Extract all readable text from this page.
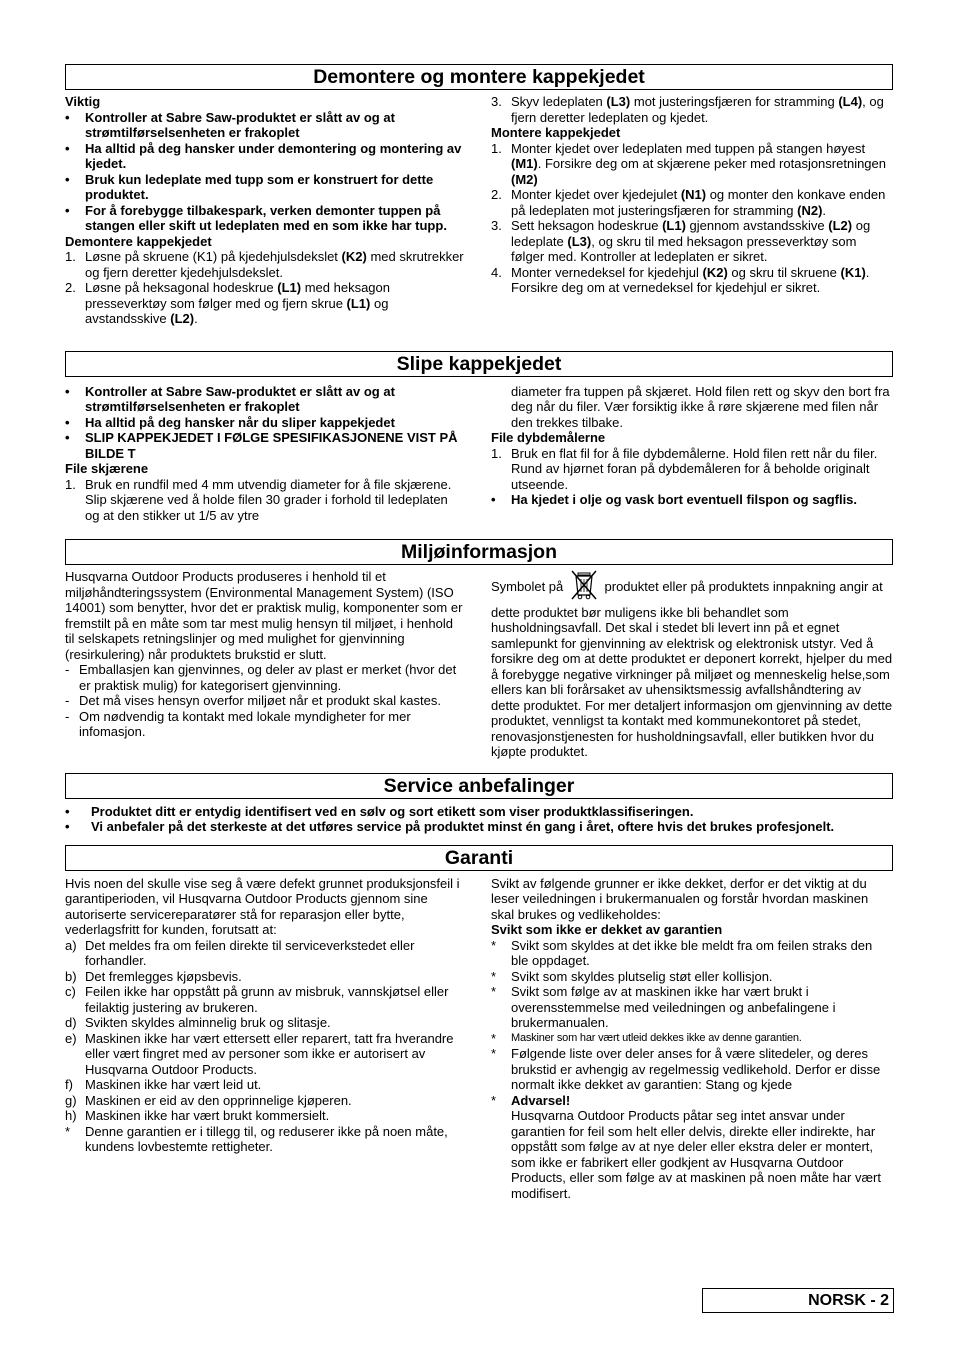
Demontere og montere kappekjedet
Viktig
•	Kontroller at Sabre Saw-produktet er slått av og at strømtilførselsenheten er frakoplet
•	Ha alltid på deg hansker under demontering og montering av kjedet.
•	Bruk kun ledeplate med tupp som er konstruert for dette produktet.
•	For å forebygge tilbakespark, verken demonter tuppen på stangen eller skift ut ledeplaten med en som ikke har tupp.
Demontere kappekjedet
1. Løsne på skruene (K1) på kjedehjulsdekslet (K2) med skrutrekker og fjern deretter kjedehjulsdekslet.
2. Løsne på heksagonal hodeskrue (L1) med heksagon presseverktøy som følger med og fjern skrue (L1) og avstandsskive (L2).
3. Skyv ledeplaten (L3) mot justeringsfjæren for stramming (L4), og fjern deretter ledeplaten og kjedet.
Montere kappekjedet
1. Monter kjedet over ledeplaten med tuppen på stangen høyest (M1). Forsikre deg om at skjærene peker med rotasjonsretningen (M2)
2. Monter kjedet over kjedejulet (N1) og monter den konkave enden på ledeplaten mot justeringsfjæren for stramming (N2).
3. Sett heksagon hodeskrue (L1) gjennom avstandsskive (L2) og ledeplate (L3), og skru til med heksagon presseverktøy som følger med. Kontroller at ledeplaten er sikret.
4. Monter vernedeksel for kjedehjul (K2) og skru til skruene (K1). Forsikre deg om at vernedeksel for kjedehjul er sikret.
Slipe kappekjedet
•	Kontroller at Sabre Saw-produktet er slått av og at strømtilførselsenheten er frakoplet
•	Ha alltid på deg hansker når du sliper kappekjedet
•	SLIP KAPPEKJEDET I FØLGE SPESIFIKASJONENE VIST PÅ BILDE T
File skjærene
1. Bruk en rundfil med 4 mm utvendig diameter for å file skjærene. Slip skjærene ved å holde filen 30 grader i forhold til ledeplaten og at den stikker ut 1/5 av ytre
diameter fra tuppen på skjæret. Hold filen rett og skyv den bort fra deg når du filer. Vær forsiktig ikke å røre skjærene med filen når den trekkes tilbake.
File dybdemålerne
1. Bruk en flat fil for å file dybdemålerne. Hold filen rett når du filer. Rund av hjørnet foran på dybdemåleren for å beholde originalt utseende.
•	Ha kjedet i olje og vask bort eventuell filspon og sagflis.
Miljøinformasjon
Husqvarna Outdoor Products produseres i henhold til et miljøhåndteringssystem (Environmental Management System) (ISO 14001) som benytter, hvor det er praktisk mulig, komponenter som er fremstilt på en måte som tar mest mulig hensyn til miljøet, i henhold til selskapets retningslinjer og med mulighet for gjenvinning (resirkulering) når produktets brukstid er slutt.
- Emballasjen kan gjenvinnes, og deler av plast er merket (hvor det er praktisk mulig) for kategorisert gjenvinning.
- Det må vises hensyn overfor miljøet når et produkt skal kastes.
- Om nødvendig ta kontakt med lokale myndigheter for mer infomasjon.
Symbolet på	produktet eller på produktets innpakning angir at dette produktet bør muligens ikke bli behandlet som husholdningsavfall. Det skal i stedet bli levert inn på et egnet samlepunkt for gjenvinning av elektrisk og elektronisk utstyr. Ved å forsikre deg om at dette produktet er deponert korrekt, hjelper du med å forebygge negative virkninger på miljøet og menneskelig helse,som ellers kan bli forårsaket av uhensiktsmessig avfallshåndtering av dette produktet. For mer detaljert informasjon om gjenvinning av dette produktet, vennligst ta kontakt med kommunekontoret på stedet, renovasjonstjenesten for husholdningsavfall, eller butikken hvor du kjøpte produktet.
Service anbefalinger
•	Produktet ditt er entydig identifisert ved en sølv og sort etikett som viser produktklassifiseringen.
•	Vi anbefaler på det sterkeste at det utføres service på produktet minst én gang i året, oftere hvis det brukes profesjonelt.
Garanti
Hvis noen del skulle vise seg å være defekt grunnet produksjonsfeil i garantiperioden, vil Husqvarna Outdoor Products gjennom sine autoriserte servicereparatører stå for reparasjon eller bytte, vederlagsfritt for kunden, forutsatt at:
a) Det meldes fra om feilen direkte til serviceverkstedet eller forhandler.
b) Det fremlegges kjøpsbevis.
c) Feilen ikke har oppstått på grunn av misbruk, vannskjøtsel eller feilaktig justering av brukeren.
d) Svikten skyldes alminnelig bruk og slitasje.
e) Maskinen ikke har vært ettersett eller reparert, tatt fra hverandre eller vært fingret med av personer som ikke er autorisert av Husqvarna Outdoor Products.
f) Maskinen ikke har vært leid ut.
g) Maskinen er eid av den opprinnelige kjøperen.
h) Maskinen ikke har vært brukt kommersielt.
*	Denne garantien er i tillegg til, og reduserer ikke på noen måte, kundens lovbestemte rettigheter.
Svikt av følgende grunner er ikke dekket, derfor er det viktig at du leser veiledningen i brukermanualen og forstår hvordan maskinen skal brukes og vedlikeholdes:
Svikt som ikke er dekket av garantien
*	Svikt som skyldes at det ikke ble meldt fra om feilen straks den ble oppdaget.
*	Svikt som skyldes plutselig støt eller kollisjon.
*	Svikt som følge av at maskinen ikke har vært brukt i overensstemmelse med veiledningen og anbefalingene i brukermanualen.
*	Maskiner som har vært utleid dekkes ikke av denne garantien.
*	Følgende liste over deler anses for å være slitedeler, og deres brukstid er avhengig av regelmessig vedlikehold. Derfor er disse normalt ikke dekket av garantien: Stang og kjede
*	Advarsel!
Husqvarna Outdoor Products påtar seg intet ansvar under garantien for feil som helt eller delvis, direkte eller indirekte, har oppstått som følge av at nye deler eller ekstra deler er montert, som ikke er fabrikert eller godkjent av Husqvarna Outdoor Products, eller som følge av at maskinen på noen måte har vært modifisert.
NORSK - 2
